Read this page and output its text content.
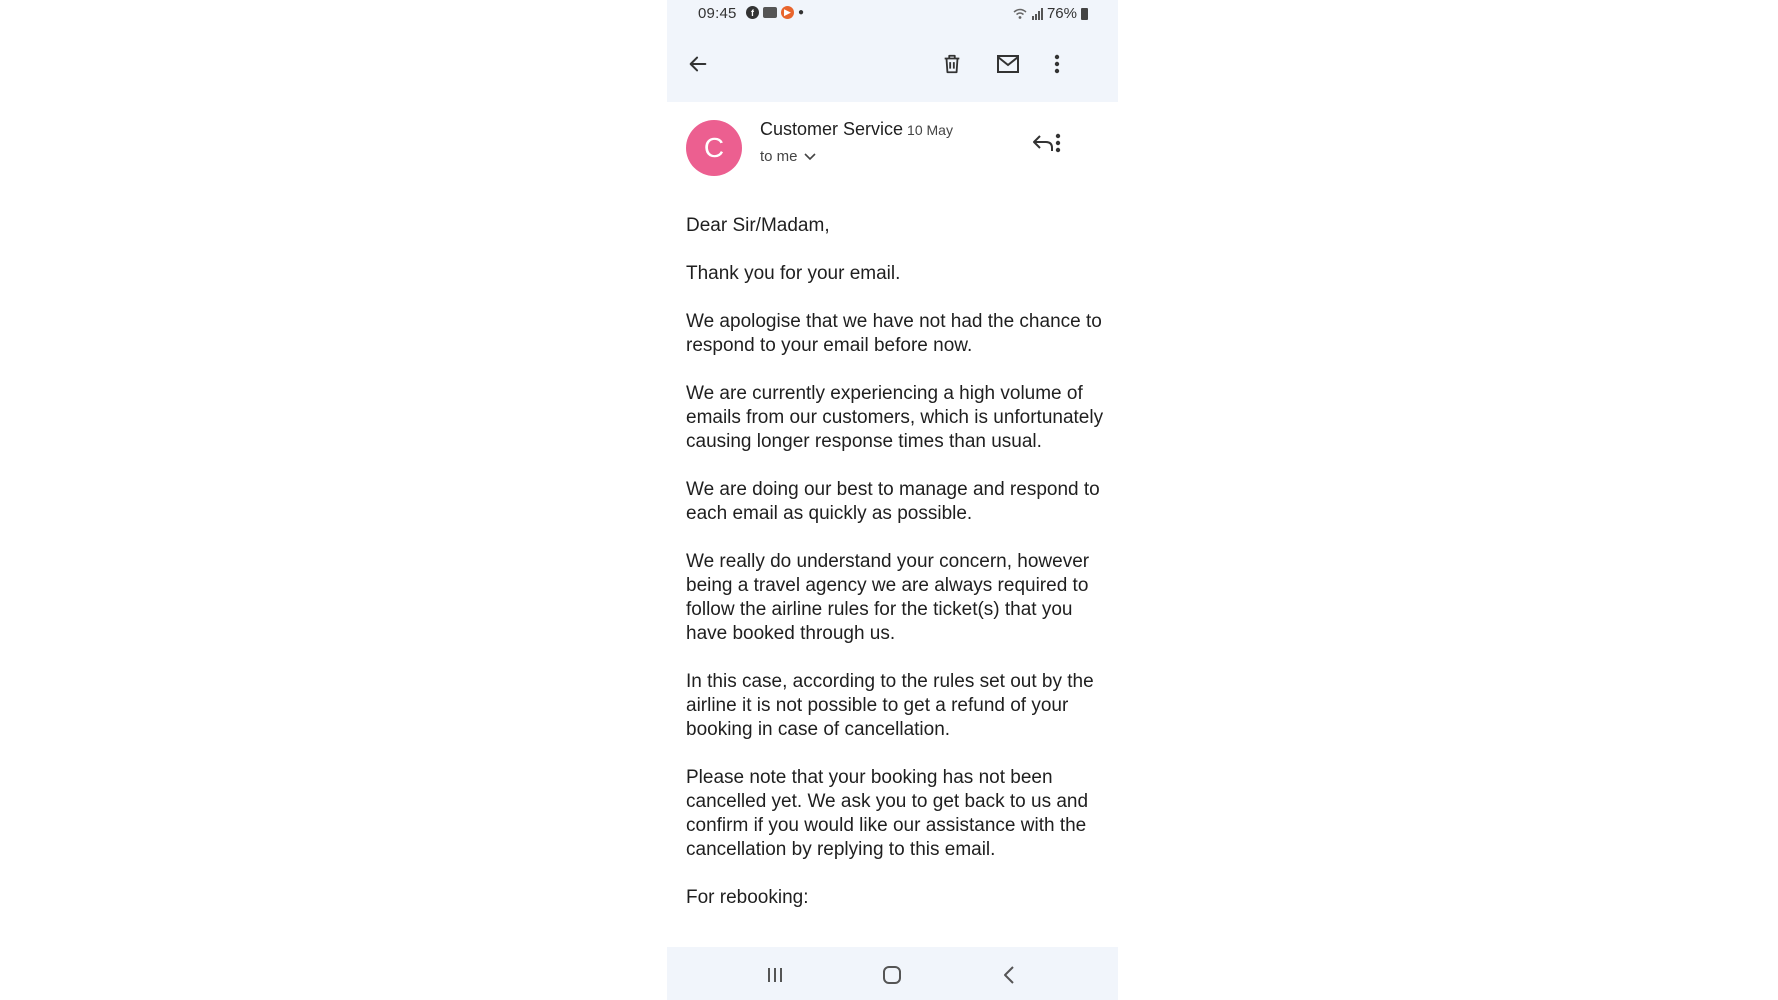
09:45	f	▶ ●	76%
C
Customer Service 10 May
to me

Dear Sir/Madam,

Thank you for your email.

We apologise that we have not had the chance to respond to your email before now.

We are currently experiencing a high volume of emails from our customers, which is unfortunately causing longer response times than usual.

We are doing our best to manage and respond to each email as quickly as possible.

We really do understand your concern, however being a travel agency we are always required to follow the airline rules for the ticket(s) that you have booked through us.

In this case, according to the rules set out by the airline it is not possible to get a refund of your booking in case of cancellation.

Please note that your booking has not been cancelled yet. We ask you to get back to us and confirm if you would like our assistance with the cancellation by replying to this email.

For rebooking:
